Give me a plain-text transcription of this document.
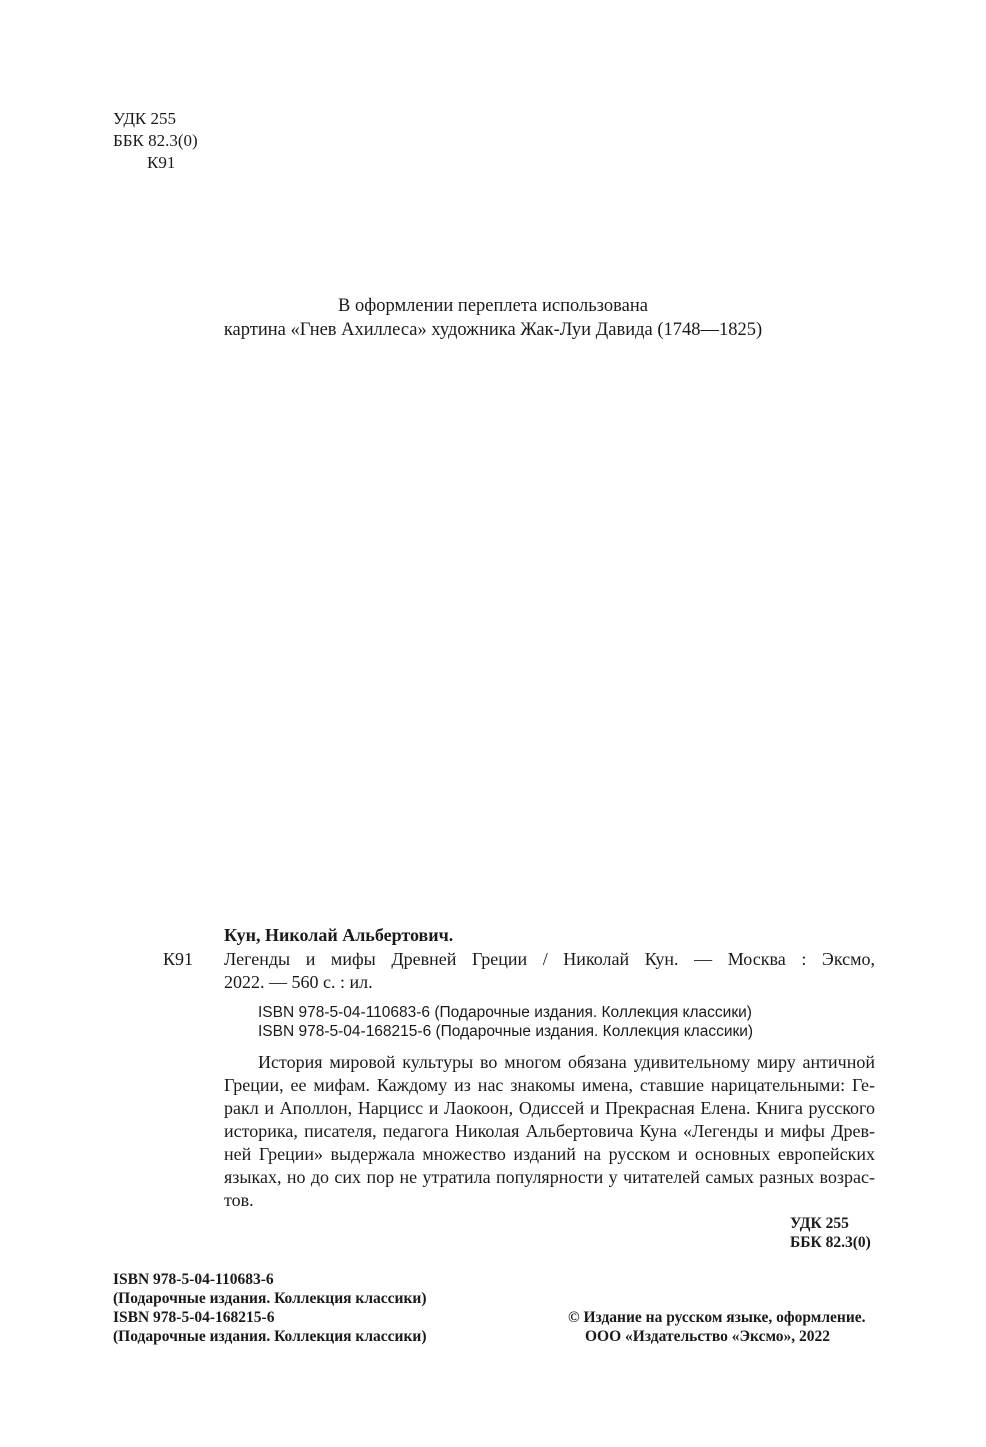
УДК 255
ББК 82.3(0)
К91
В оформлении переплета использована
картина «Гнев Ахиллеса» художника Жак-Луи Давида (1748—1825)
Кун, Николай Альбертович.
К91 Легенды и мифы Древней Греции / Николай Кун. — Москва : Эксмо,
2022. — 560 с. : ил.
ISBN 978-5-04-110683-6 (Подарочные издания. Коллекция классики)
ISBN 978-5-04-168215-6 (Подарочные издания. Коллекция классики)
История мировой культуры во многом обязана удивительному миру античной
Греции, ее мифам. Каждому из нас знакомы имена, ставшие нарицательными: Ге-
ракл и Аполлон, Нарцисс и Лаокоон, Одиссей и Прекрасная Елена. Книга русского
историка, писателя, педагога Николая Альбертовича Куна «Легенды и мифы Древ-
ней Греции» выдержала множество изданий на русском и основных европейских
языках, но до сих пор не утратила популярности у читателей самых разных возрас-
тов.
УДК 255
ББК 82.3(0)
ISBN 978-5-04-110683-6
(Подарочные издания. Коллекция классики)
ISBN 978-5-04-168215-6
(Подарочные издания. Коллекция классики)
© Издание на русском языке, оформление.
ООО «Издательство «Эксмо», 2022
